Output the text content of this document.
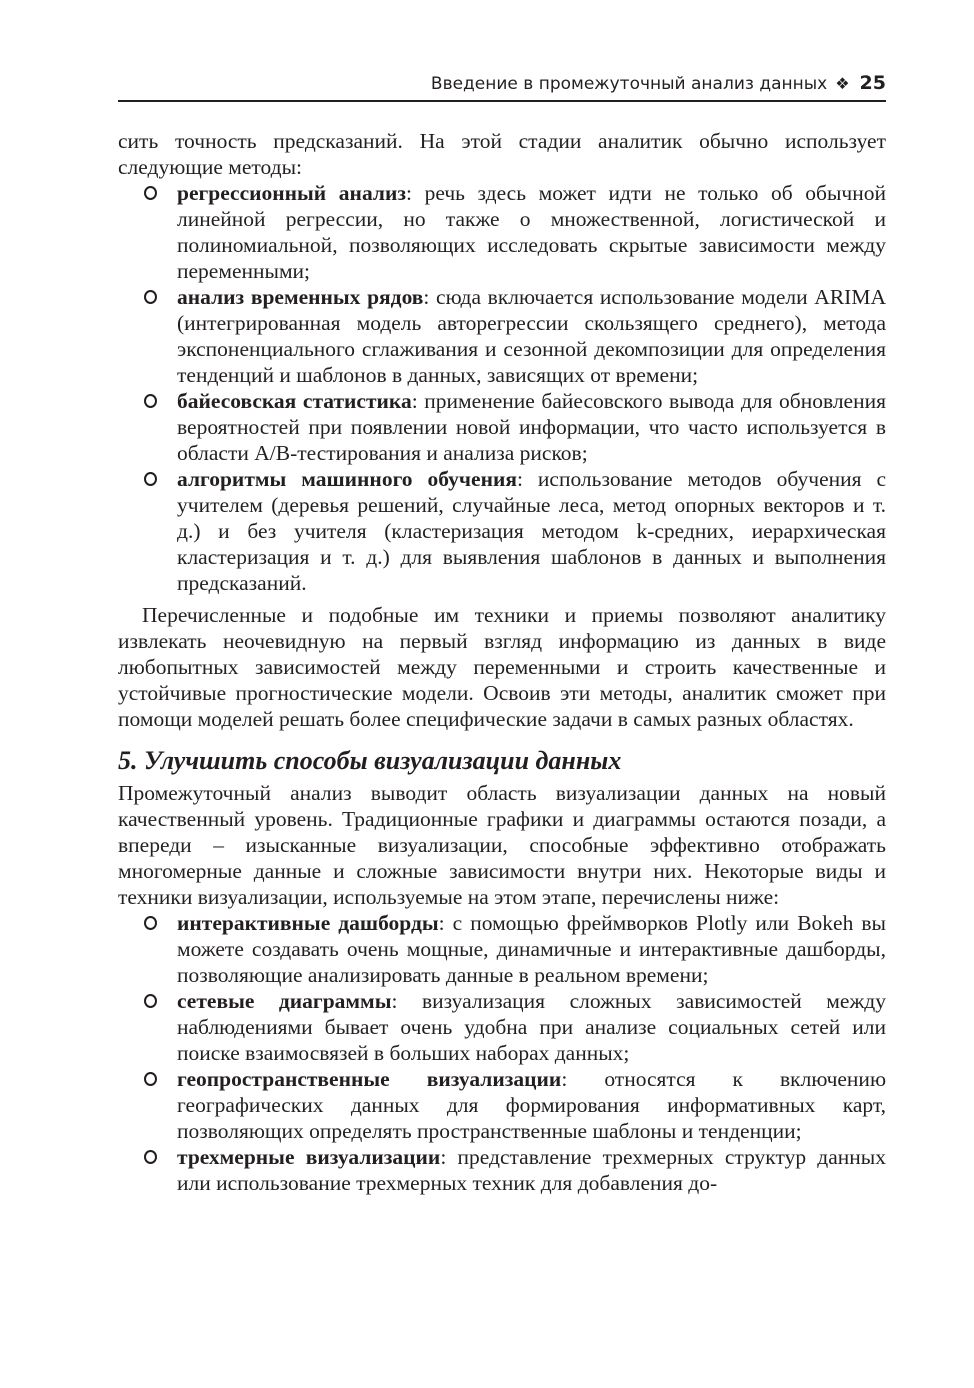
Введение в промежуточный анализ данных ❖ 25

сить точность предсказаний. На этой стадии аналитик обычно использует следующие методы:

регрессионный анализ: речь здесь может идти не только об обычной линейной регрессии, но также о множественной, логистической и полиномиальной, позволяющих исследовать скрытые зависимости между переменными;
анализ временных рядов: сюда включается использование модели ARIMA (интегрированная модель авторегрессии скользящего среднего), метода экспоненциального сглаживания и сезонной декомпозиции для определения тенденций и шаблонов в данных, зависящих от времени;
байесовская статистика: применение байесовского вывода для обновления вероятностей при появлении новой информации, что часто используется в области A/B-тестирования и анализа рисков;
алгоритмы машинного обучения: использование методов обучения с учителем (деревья решений, случайные леса, метод опорных векторов и т. д.) и без учителя (кластеризация методом k-средних, иерархическая кластеризация и т. д.) для выявления шаблонов в данных и выполнения предсказаний.

Перечисленные и подобные им техники и приемы позволяют аналитику извлекать неочевидную на первый взгляд информацию из данных в виде любопытных зависимостей между переменными и строить качественные и устойчивые прогностические модели. Освоив эти методы, аналитик сможет при помощи моделей решать более специфические задачи в самых разных областях.

5. Улучшить способы визуализации данных

Промежуточный анализ выводит область визуализации данных на новый качественный уровень. Традиционные графики и диаграммы остаются позади, а впереди – изысканные визуализации, способные эффективно отображать многомерные данные и сложные зависимости внутри них. Некоторые виды и техники визуализации, используемые на этом этапе, перечислены ниже:

интерактивные дашборды: с помощью фреймворков Plotly или Bokeh вы можете создавать очень мощные, динамичные и интерактивные дашборды, позволяющие анализировать данные в реальном времени;
сетевые диаграммы: визуализация сложных зависимостей между наблюдениями бывает очень удобна при анализе социальных сетей или поиске взаимосвязей в больших наборах данных;
геопространственные визуализации: относятся к включению географических данных для формирования информативных карт, позволяющих определять пространственные шаблоны и тенденции;
трехмерные визуализации: представление трехмерных структур данных или использование трехмерных техник для добавления до-
